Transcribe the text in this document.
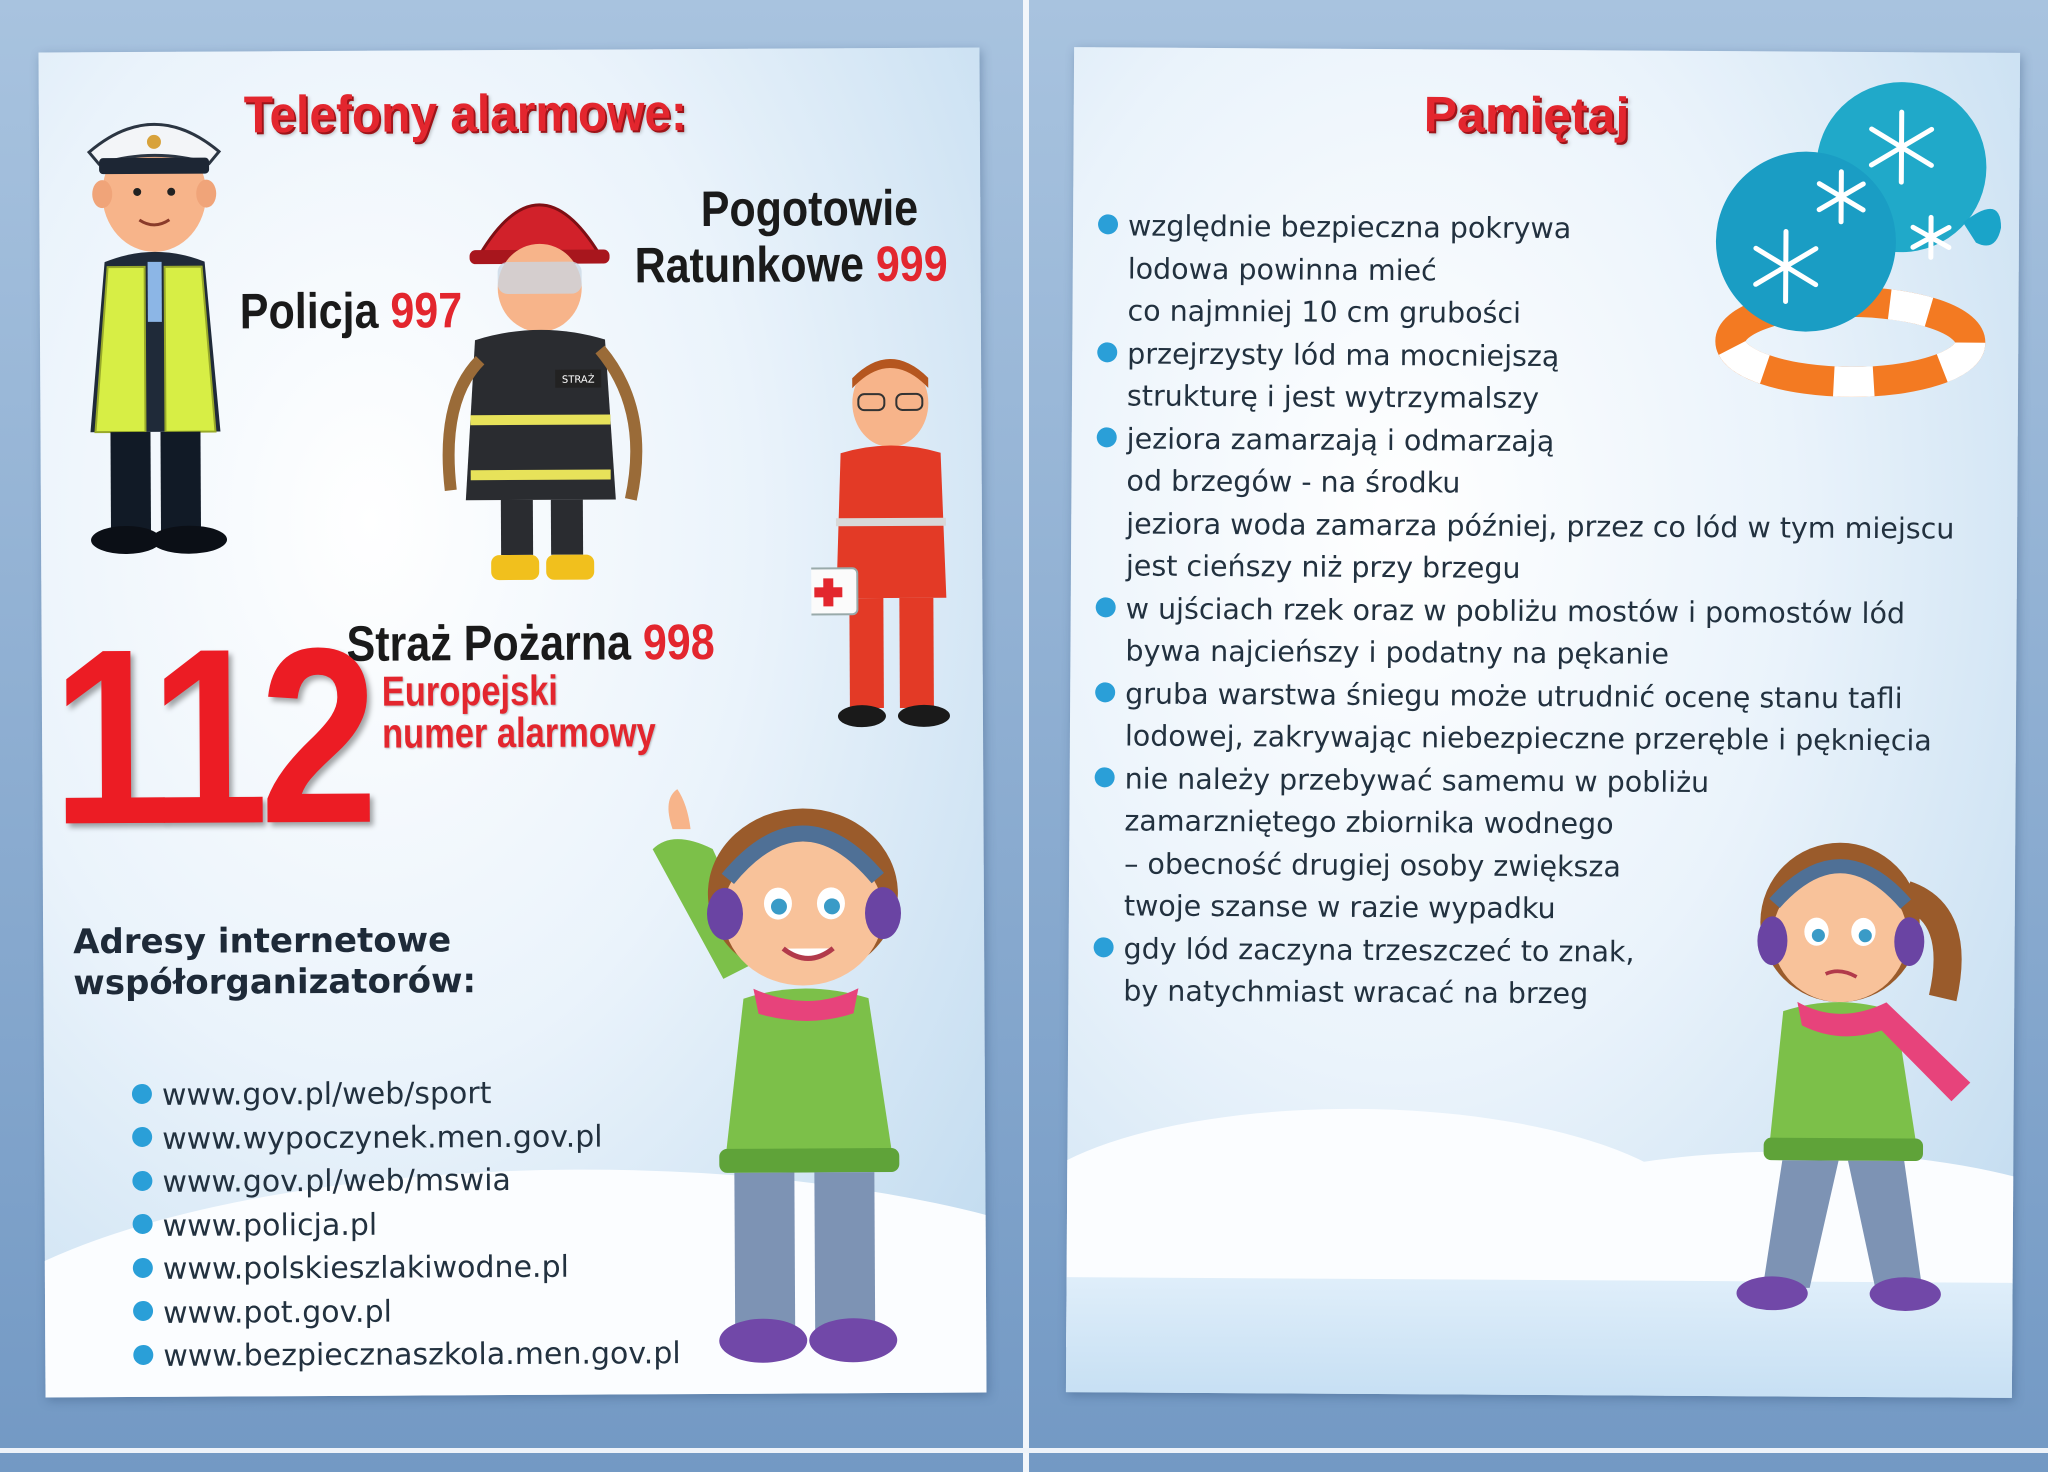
Telefony alarmowe:
Policja 997
Pogotowie
Ratunkowe 999
STRAŻ
Straż Pożarna 998
112 Europejski
numer alarmowy
Adresy internetowe
współorganizatorów:
www.gov.pl/web/sport
www.wypoczynek.men.gov.pl
www.gov.pl/web/mswia
www.policja.pl
www.polskieszlakiwodne.pl
www.pot.gov.pl
www.bezpiecznaszkola.men.gov.pl
Pamiętaj
względnie bezpieczna pokrywa
lodowa powinna mieć
co najmniej 10 cm grubości
przejrzysty lód ma mocniejszą
strukturę i jest wytrzymalszy
jeziora zamarzają i odmarzają
od brzegów - na środku
jeziora woda zamarza później, przez co lód w tym miejscu
jest cieńszy niż przy brzegu
w ujściach rzek oraz w pobliżu mostów i pomostów lód
bywa najcieńszy i podatny na pękanie
gruba warstwa śniegu może utrudnić ocenę stanu tafli
lodowej, zakrywając niebezpieczne przeręble i pęknięcia
nie należy przebywać samemu w pobliżu
zamarzniętego zbiornika wodnego
– obecność drugiej osoby zwiększa
twoje szanse w razie wypadku
gdy lód zaczyna trzeszczeć to znak,
by natychmiast wracać na brzeg
